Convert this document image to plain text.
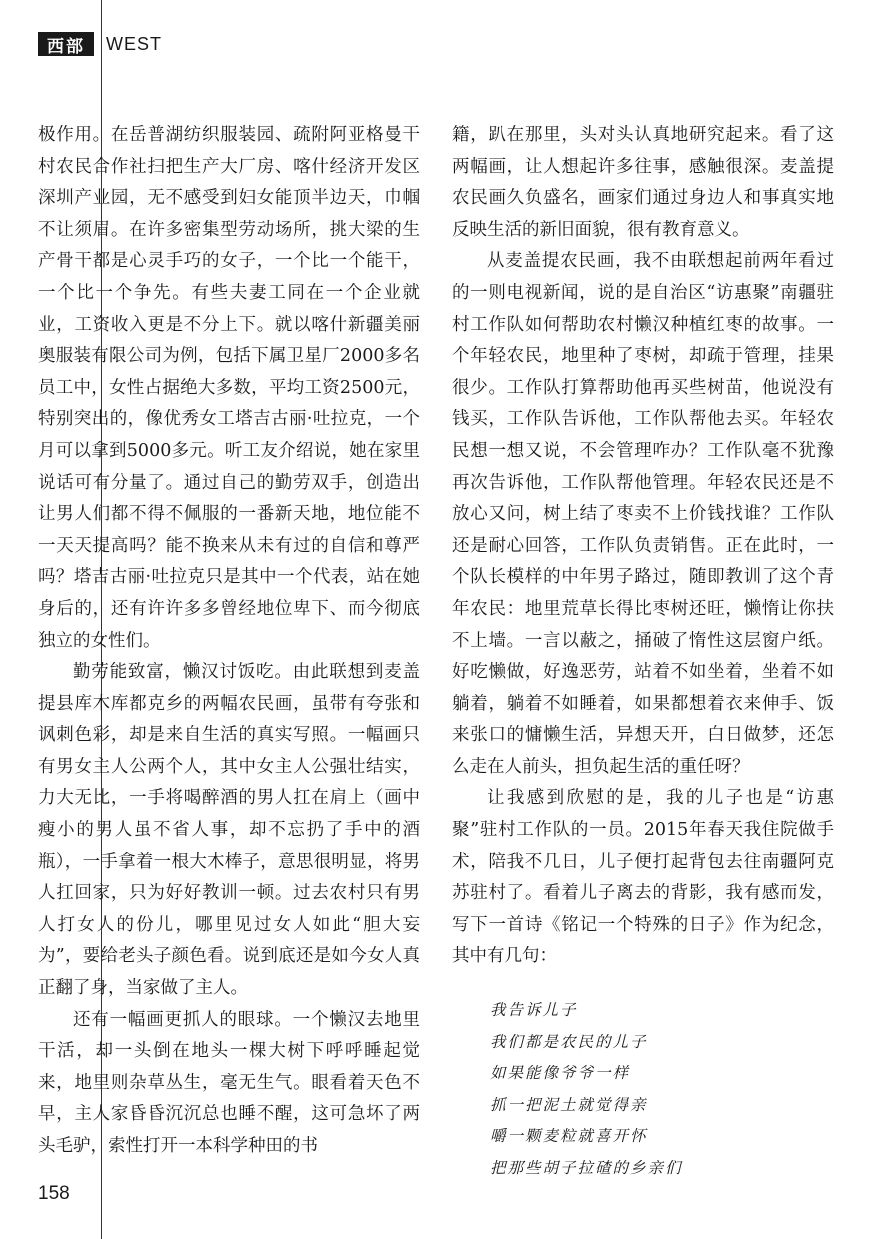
西部	WEST

极作用。在岳普湖纺织服装园、疏附阿亚格曼干村农民合作社扫把生产大厂房、喀什经济开发区深圳产业园，无不感受到妇女能顶半边天，巾帼不让须眉。在许多密集型劳动场所，挑大梁的生产骨干都是心灵手巧的女子，一个比一个能干，一个比一个争先。有些夫妻工同在一个企业就业，工资收入更是不分上下。就以喀什新疆美丽奥服装有限公司为例，包括下属卫星厂2000多名员工中，女性占据绝大多数，平均工资2500元，特别突出的，像优秀女工塔吉古丽·吐拉克，一个月可以拿到5000多元。听工友介绍说，她在家里说话可有分量了。通过自己的勤劳双手，创造出让男人们都不得不佩服的一番新天地，地位能不一天天提高吗？能不换来从未有过的自信和尊严吗？塔吉古丽·吐拉克只是其中一个代表，站在她身后的，还有许许多多曾经地位卑下、而今彻底独立的女性们。

勤劳能致富，懒汉讨饭吃。由此联想到麦盖提县库木库都克乡的两幅农民画，虽带有夸张和讽刺色彩，却是来自生活的真实写照。一幅画只有男女主人公两个人，其中女主人公强壮结实，力大无比，一手将喝醉酒的男人扛在肩上（画中瘦小的男人虽不省人事，却不忘扔了手中的酒瓶），一手拿着一根大木棒子，意思很明显，将男人扛回家，只为好好教训一顿。过去农村只有男人打女人的份儿，哪里见过女人如此“胆大妄为”，要给老头子颜色看。说到底还是如今女人真正翻了身，当家做了主人。

还有一幅画更抓人的眼球。一个懒汉去地里干活，却一头倒在地头一棵大树下呼呼睡起觉来，地里则杂草丛生，毫无生气。眼看着天色不早，主人家昏昏沉沉总也睡不醒，这可急坏了两头毛驴，索性打开一本科学种田的书

籍，趴在那里，头对头认真地研究起来。看了这两幅画，让人想起许多往事，感触很深。麦盖提农民画久负盛名，画家们通过身边人和事真实地反映生活的新旧面貌，很有教育意义。

从麦盖提农民画，我不由联想起前两年看过的一则电视新闻，说的是自治区“访惠聚”南疆驻村工作队如何帮助农村懒汉种植红枣的故事。一个年轻农民，地里种了枣树，却疏于管理，挂果很少。工作队打算帮助他再买些树苗，他说没有钱买，工作队告诉他，工作队帮他去买。年轻农民想一想又说，不会管理咋办？工作队毫不犹豫再次告诉他，工作队帮他管理。年轻农民还是不放心又问，树上结了枣卖不上价钱找谁？工作队还是耐心回答，工作队负责销售。正在此时，一个队长模样的中年男子路过，随即教训了这个青年农民：地里荒草长得比枣树还旺，懒惰让你扶不上墙。一言以蔽之，捅破了惰性这层窗户纸。好吃懒做，好逸恶劳，站着不如坐着，坐着不如躺着，躺着不如睡着，如果都想着衣来伸手、饭来张口的慵懒生活，异想天开，白日做梦，还怎么走在人前头，担负起生活的重任呀？

让我感到欣慰的是，我的儿子也是“访惠聚”驻村工作队的一员。2015年春天我住院做手术，陪我不几日，儿子便打起背包去往南疆阿克苏驻村了。看着儿子离去的背影，我有感而发，写下一首诗《铭记一个特殊的日子》作为纪念，其中有几句：

我告诉儿子
我们都是农民的儿子
如果能像爷爷一样
抓一把泥土就觉得亲
嚼一颗麦粒就喜开怀
把那些胡子拉碴的乡亲们
158
